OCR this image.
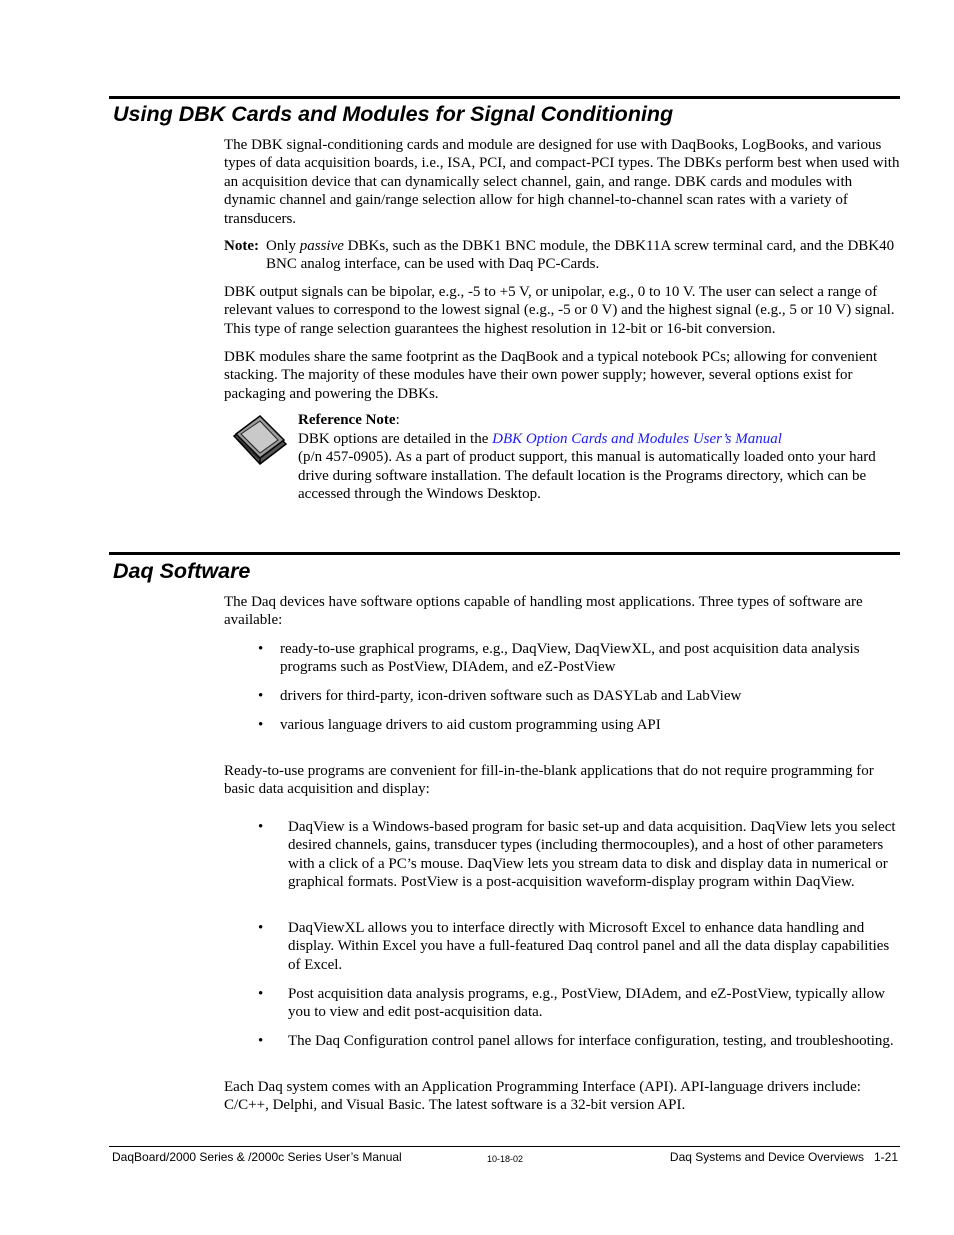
Using DBK Cards and Modules for Signal Conditioning

The DBK signal-conditioning cards and module are designed for use with DaqBooks, LogBooks, and various types of data acquisition boards, i.e., ISA, PCI, and compact-PCI types. The DBKs perform best when used with an acquisition device that can dynamically select channel, gain, and range. DBK cards and modules with dynamic channel and gain/range selection allow for high channel-to-channel scan rates with a variety of transducers.

Note: Only passive DBKs, such as the DBK1 BNC module, the DBK11A screw terminal card, and the DBK40 BNC analog interface, can be used with Daq PC-Cards.

DBK output signals can be bipolar, e.g., -5 to +5 V, or unipolar, e.g., 0 to 10 V. The user can select a range of relevant values to correspond to the lowest signal (e.g., -5 or 0 V) and the highest signal (e.g., 5 or 10 V) signal. This type of range selection guarantees the highest resolution in 12-bit or 16-bit conversion.

DBK modules share the same footprint as the DaqBook and a typical notebook PCs; allowing for convenient stacking. The majority of these modules have their own power supply; however, several options exist for packaging and powering the DBKs.

Reference Note:

DBK options are detailed in the DBK Option Cards and Modules User’s Manual

(p/n 457-0905). As a part of product support, this manual is automatically loaded onto your hard drive during software installation. The default location is the Programs directory, which can be accessed through the Windows Desktop.

Daq Software

The Daq devices have software options capable of handling most applications. Three types of software are available:

• ready-to-use graphical programs, e.g., DaqView, DaqViewXL, and post acquisition data analysis programs such as PostView, DIAdem, and eZ-PostView
• drivers for third-party, icon-driven software such as DASYLab and LabView
• various language drivers to aid custom programming using API

Ready-to-use programs are convenient for fill-in-the-blank applications that do not require programming for basic data acquisition and display:

• DaqView is a Windows-based program for basic set-up and data acquisition. DaqView lets you select desired channels, gains, transducer types (including thermocouples), and a host of other parameters with a click of a PC’s mouse. DaqView lets you stream data to disk and display data in numerical or graphical formats. PostView is a post-acquisition waveform-display program within DaqView.
• DaqViewXL allows you to interface directly with Microsoft Excel to enhance data handling and display. Within Excel you have a full-featured Daq control panel and all the data display capabilities of Excel.
• Post acquisition data analysis programs, e.g., PostView, DIAdem, and eZ-PostView, typically allow you to view and edit post-acquisition data.
• The Daq Configuration control panel allows for interface configuration, testing, and troubleshooting.

Each Daq system comes with an Application Programming Interface (API). API-language drivers include: C/C++, Delphi, and Visual Basic. The latest software is a 32-bit version API.

DaqBoard/2000 Series & /2000c Series User’s Manual	10-18-02	Daq Systems and Device Overviews   1-21
